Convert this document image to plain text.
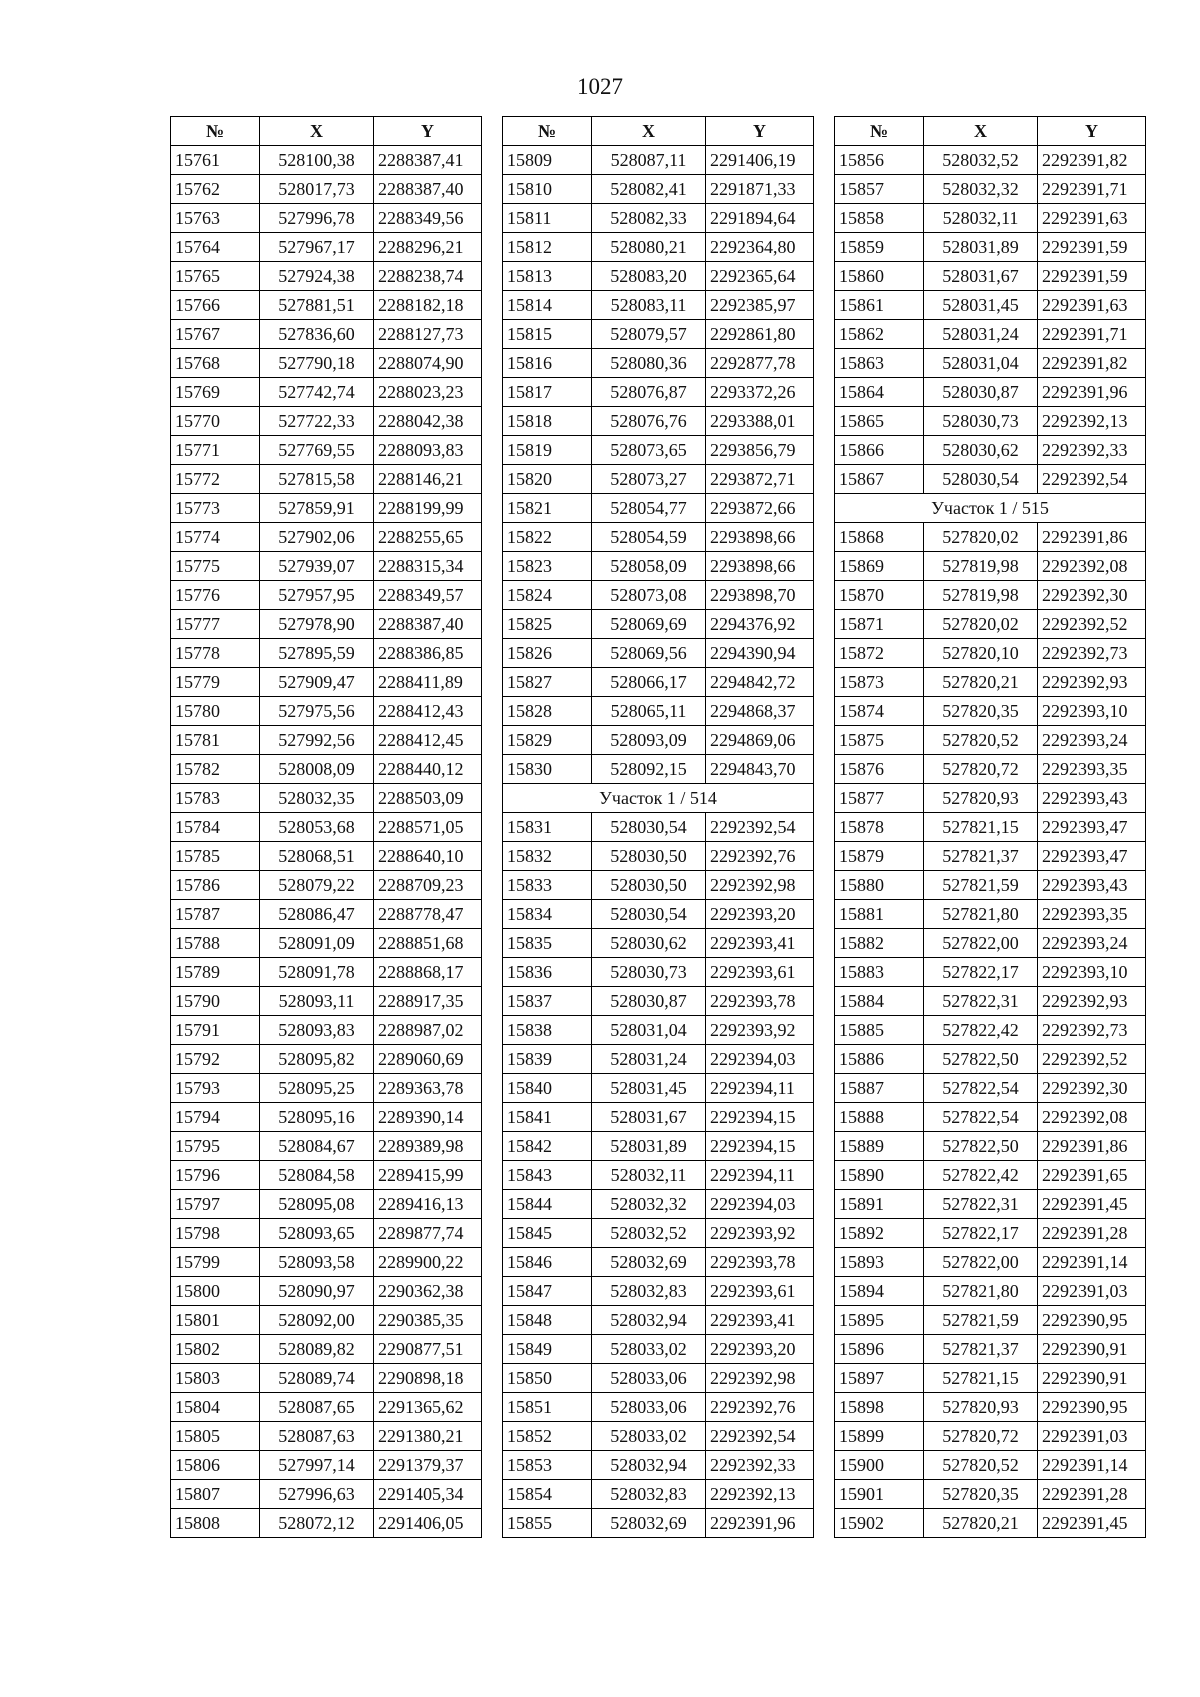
1027
№	X	Y
15761	528100,38	2288387,41
15762	528017,73	2288387,40
15763	527996,78	2288349,56
15764	527967,17	2288296,21
15765	527924,38	2288238,74
15766	527881,51	2288182,18
15767	527836,60	2288127,73
15768	527790,18	2288074,90
15769	527742,74	2288023,23
15770	527722,33	2288042,38
15771	527769,55	2288093,83
15772	527815,58	2288146,21
15773	527859,91	2288199,99
15774	527902,06	2288255,65
15775	527939,07	2288315,34
15776	527957,95	2288349,57
15777	527978,90	2288387,40
15778	527895,59	2288386,85
15779	527909,47	2288411,89
15780	527975,56	2288412,43
15781	527992,56	2288412,45
15782	528008,09	2288440,12
15783	528032,35	2288503,09
15784	528053,68	2288571,05
15785	528068,51	2288640,10
15786	528079,22	2288709,23
15787	528086,47	2288778,47
15788	528091,09	2288851,68
15789	528091,78	2288868,17
15790	528093,11	2288917,35
15791	528093,83	2288987,02
15792	528095,82	2289060,69
15793	528095,25	2289363,78
15794	528095,16	2289390,14
15795	528084,67	2289389,98
15796	528084,58	2289415,99
15797	528095,08	2289416,13
15798	528093,65	2289877,74
15799	528093,58	2289900,22
15800	528090,97	2290362,38
15801	528092,00	2290385,35
15802	528089,82	2290877,51
15803	528089,74	2290898,18
15804	528087,65	2291365,62
15805	528087,63	2291380,21
15806	527997,14	2291379,37
15807	527996,63	2291405,34
15808	528072,12	2291406,05
№	X	Y
15809	528087,11	2291406,19
15810	528082,41	2291871,33
15811	528082,33	2291894,64
15812	528080,21	2292364,80
15813	528083,20	2292365,64
15814	528083,11	2292385,97
15815	528079,57	2292861,80
15816	528080,36	2292877,78
15817	528076,87	2293372,26
15818	528076,76	2293388,01
15819	528073,65	2293856,79
15820	528073,27	2293872,71
15821	528054,77	2293872,66
15822	528054,59	2293898,66
15823	528058,09	2293898,66
15824	528073,08	2293898,70
15825	528069,69	2294376,92
15826	528069,56	2294390,94
15827	528066,17	2294842,72
15828	528065,11	2294868,37
15829	528093,09	2294869,06
15830	528092,15	2294843,70
Участок 1 / 514		
15831	528030,54	2292392,54
15832	528030,50	2292392,76
15833	528030,50	2292392,98
15834	528030,54	2292393,20
15835	528030,62	2292393,41
15836	528030,73	2292393,61
15837	528030,87	2292393,78
15838	528031,04	2292393,92
15839	528031,24	2292394,03
15840	528031,45	2292394,11
15841	528031,67	2292394,15
15842	528031,89	2292394,15
15843	528032,11	2292394,11
15844	528032,32	2292394,03
15845	528032,52	2292393,92
15846	528032,69	2292393,78
15847	528032,83	2292393,61
15848	528032,94	2292393,41
15849	528033,02	2292393,20
15850	528033,06	2292392,98
15851	528033,06	2292392,76
15852	528033,02	2292392,54
15853	528032,94	2292392,33
15854	528032,83	2292392,13
15855	528032,69	2292391,96
№	X	Y
15856	528032,52	2292391,82
15857	528032,32	2292391,71
15858	528032,11	2292391,63
15859	528031,89	2292391,59
15860	528031,67	2292391,59
15861	528031,45	2292391,63
15862	528031,24	2292391,71
15863	528031,04	2292391,82
15864	528030,87	2292391,96
15865	528030,73	2292392,13
15866	528030,62	2292392,33
15867	528030,54	2292392,54
Участок 1 / 515		
15868	527820,02	2292391,86
15869	527819,98	2292392,08
15870	527819,98	2292392,30
15871	527820,02	2292392,52
15872	527820,10	2292392,73
15873	527820,21	2292392,93
15874	527820,35	2292393,10
15875	527820,52	2292393,24
15876	527820,72	2292393,35
15877	527820,93	2292393,43
15878	527821,15	2292393,47
15879	527821,37	2292393,47
15880	527821,59	2292393,43
15881	527821,80	2292393,35
15882	527822,00	2292393,24
15883	527822,17	2292393,10
15884	527822,31	2292392,93
15885	527822,42	2292392,73
15886	527822,50	2292392,52
15887	527822,54	2292392,30
15888	527822,54	2292392,08
15889	527822,50	2292391,86
15890	527822,42	2292391,65
15891	527822,31	2292391,45
15892	527822,17	2292391,28
15893	527822,00	2292391,14
15894	527821,80	2292391,03
15895	527821,59	2292390,95
15896	527821,37	2292390,91
15897	527821,15	2292390,91
15898	527820,93	2292390,95
15899	527820,72	2292391,03
15900	527820,52	2292391,14
15901	527820,35	2292391,28
15902	527820,21	2292391,45
